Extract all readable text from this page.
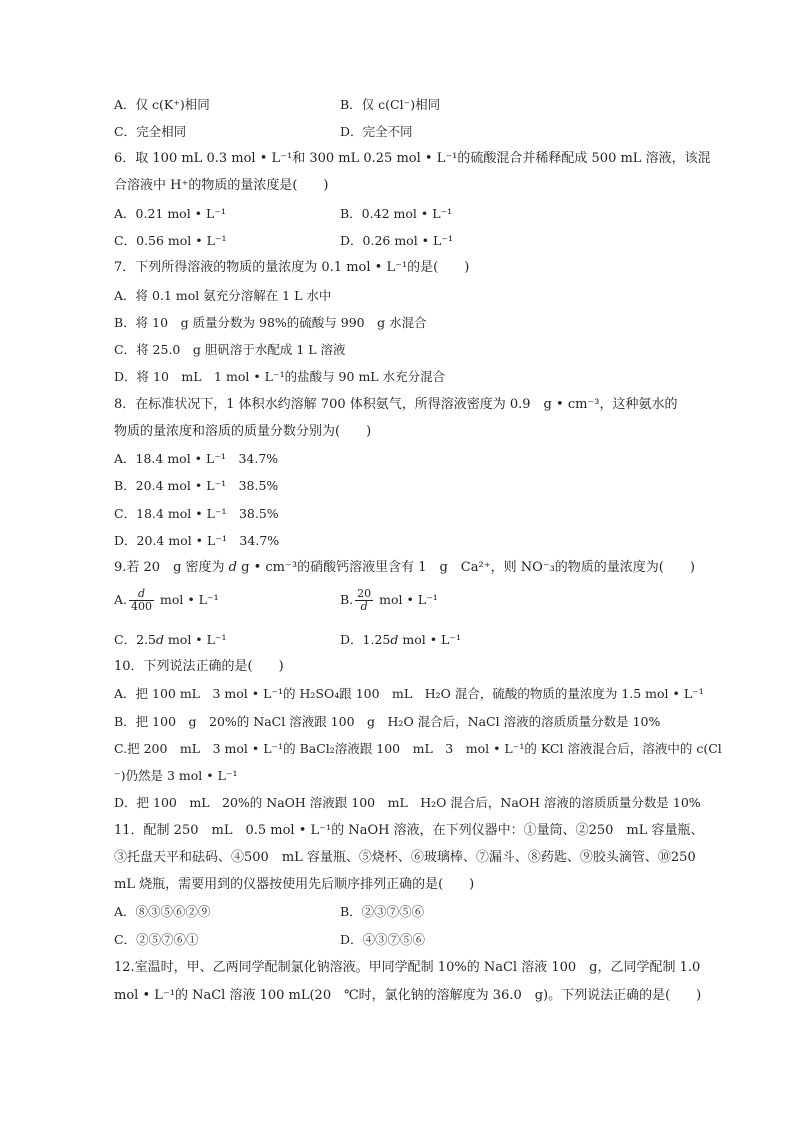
A．仅 c(K⁺)相同	B．仅 c(Cl⁻)相同
C．完全相同	D．完全不同
6．取 100 mL 0.3 mol • L⁻¹和 300 mL 0.25 mol • L⁻¹的硫酸混合并稀释配成 500 mL 溶液，该混
合溶液中 H⁺的物质的量浓度是(　　)
A．0.21 mol • L⁻¹	B．0.42 mol • L⁻¹
C．0.56 mol • L⁻¹	D．0.26 mol • L⁻¹
7．下列所得溶液的物质的量浓度为 0.1 mol • L⁻¹的是(　　)
A．将 0.1 mol 氨充分溶解在 1 L 水中
B．将 10　g 质量分数为 98%的硫酸与 990　g 水混合
C．将 25.0　g 胆矾溶于水配成 1 L 溶液
D．将 10　mL　1 mol • L⁻¹的盐酸与 90 mL 水充分混合
8．在标准状况下，1 体积水约溶解 700 体积氨气，所得溶液密度为 0.9　g • cm⁻³，这种氨水的
物质的量浓度和溶质的质量分数分别为(　　)
A．18.4 mol • L⁻¹　34.7%
B．20.4 mol • L⁻¹　38.5%
C．18.4 mol • L⁻¹　38.5%
D．20.4 mol • L⁻¹　34.7%
9.若 20　g 密度为 d g • cm⁻³的硝酸钙溶液里含有 1　g　Ca²⁺，则 NO⁻₃的物质的量浓度为(　　)
A. $\frac{d}{400}$ mol • L⁻¹	B. $\frac{20}{d}$ mol • L⁻¹
C．2.5d mol • L⁻¹	D．1.25d mol • L⁻¹
10．下列说法正确的是(　　)
A．把 100 mL　3 mol • L⁻¹的 H₂SO₄跟 100　mL　H₂O 混合，硫酸的物质的量浓度为 1.5 mol • L⁻¹
B．把 100　g　20%的 NaCl 溶液跟 100　g　H₂O 混合后，NaCl 溶液的溶质质量分数是 10%
C.把 200　mL　3 mol • L⁻¹的 BaCl₂溶液跟 100　mL　3　mol • L⁻¹的 KCl 溶液混合后，溶液中的 c(Cl
⁻)仍然是 3 mol • L⁻¹
D．把 100　mL　20%的 NaOH 溶液跟 100　mL　H₂O 混合后，NaOH 溶液的溶质质量分数是 10%
11．配制 250　mL　0.5 mol • L⁻¹的 NaOH 溶液，在下列仪器中：①量筒、②250　mL 容量瓶、
③托盘天平和砝码、④500　mL 容量瓶、⑤烧杯、⑥玻璃棒、⑦漏斗、⑧药匙、⑨胶头滴管、⑩250
mL 烧瓶，需要用到的仪器按使用先后顺序排列正确的是(　　)
A．⑧③⑤⑥②⑨	B．②③⑦⑤⑥
C．②⑤⑦⑥①	D．④③⑦⑤⑥
12.室温时，甲、乙两同学配制氯化钠溶液。甲同学配制 10%的 NaCl 溶液 100　g，乙同学配制 1.0
mol • L⁻¹的 NaCl 溶液 100 mL(20　℃时，氯化钠的溶解度为 36.0　g)。下列说法正确的是(　　)
